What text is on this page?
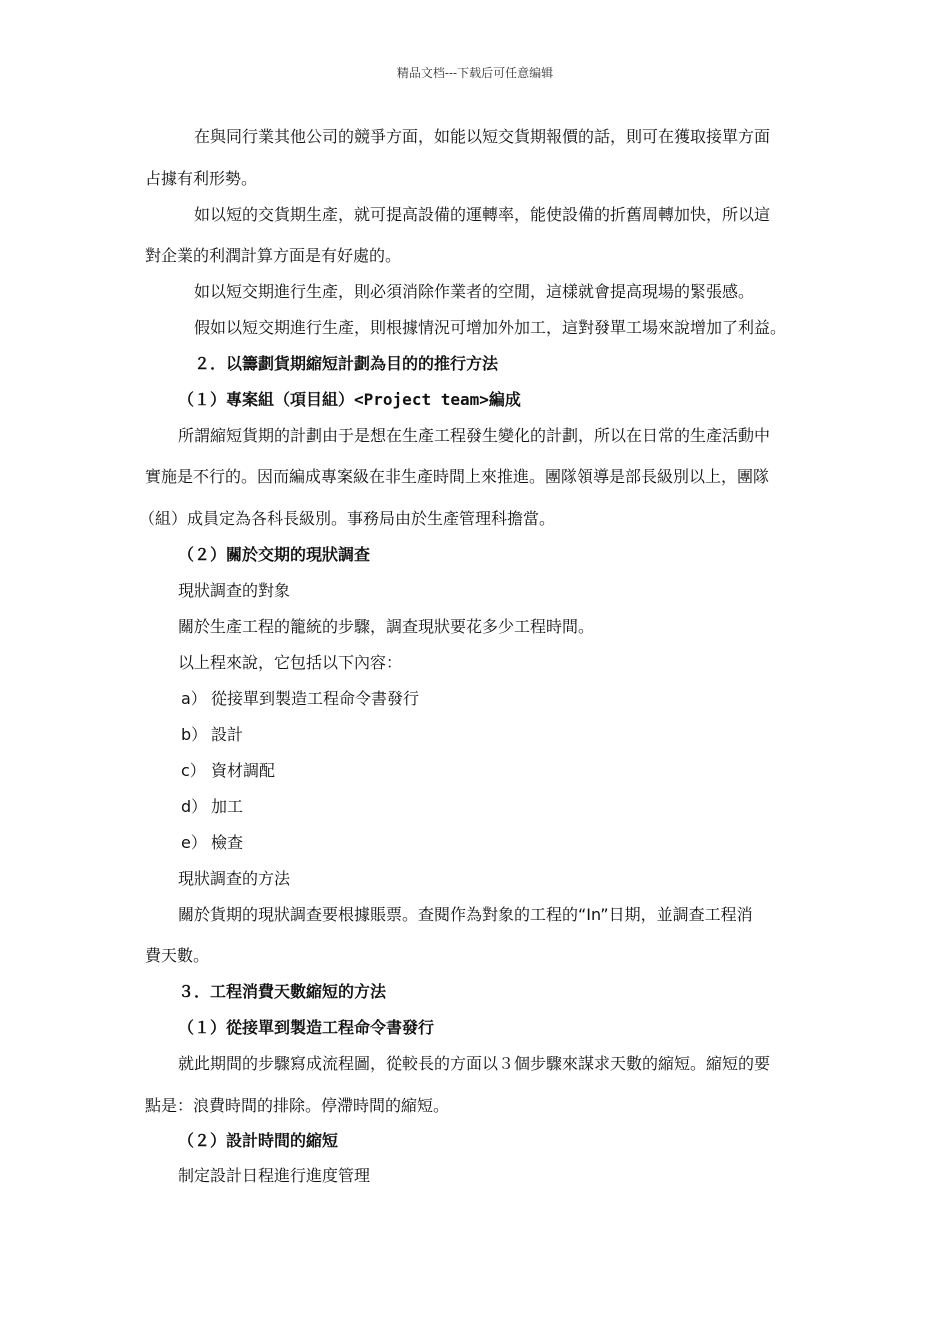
精品文档---下载后可任意编辑
在與同行業其他公司的競爭方面，如能以短交貨期報價的話，則可在獲取接單方面
占據有利形勢。
如以短的交貨期生產，就可提高設備的運轉率，能使設備的折舊周轉加快，所以這
對企業的利潤計算方面是有好處的。
如以短交期進行生產，則必須消除作業者的空閒，這樣就會提高現場的緊張感。
假如以短交期進行生產，則根據情況可增加外加工，這對發單工場來說增加了利益。
２．以籌劃貨期縮短計劃為目的的推行方法
（１）專案組（項目組）<Project team>編成
所謂縮短貨期的計劃由于是想在生產工程發生變化的計劃，所以在日常的生產活動中
實施是不行的。因而編成專案級在非生產時間上來推進。團隊領導是部長級別以上，團隊
（組）成員定為各科長級別。事務局由於生產管理科擔當。
（２）關於交期的現狀調查
現狀調查的對象
關於生產工程的籠統的步驟，調查現狀要花多少工程時間。
以上程來說，它包括以下內容：
a） 從接單到製造工程命令書發行
b） 設計
c） 資材調配
d） 加工
e） 檢查
現狀調查的方法
關於貨期的現狀調查要根據賬票。查閱作為對象的工程的“In”日期，並調查工程消
費天數。
３．工程消費天數縮短的方法
（１）從接單到製造工程命令書發行
就此期間的步驟寫成流程圖，從較長的方面以３個步驟來謀求天數的縮短。縮短的要
點是：浪費時間的排除。停滯時間的縮短。
（２）設計時間的縮短
制定設計日程進行進度管理
